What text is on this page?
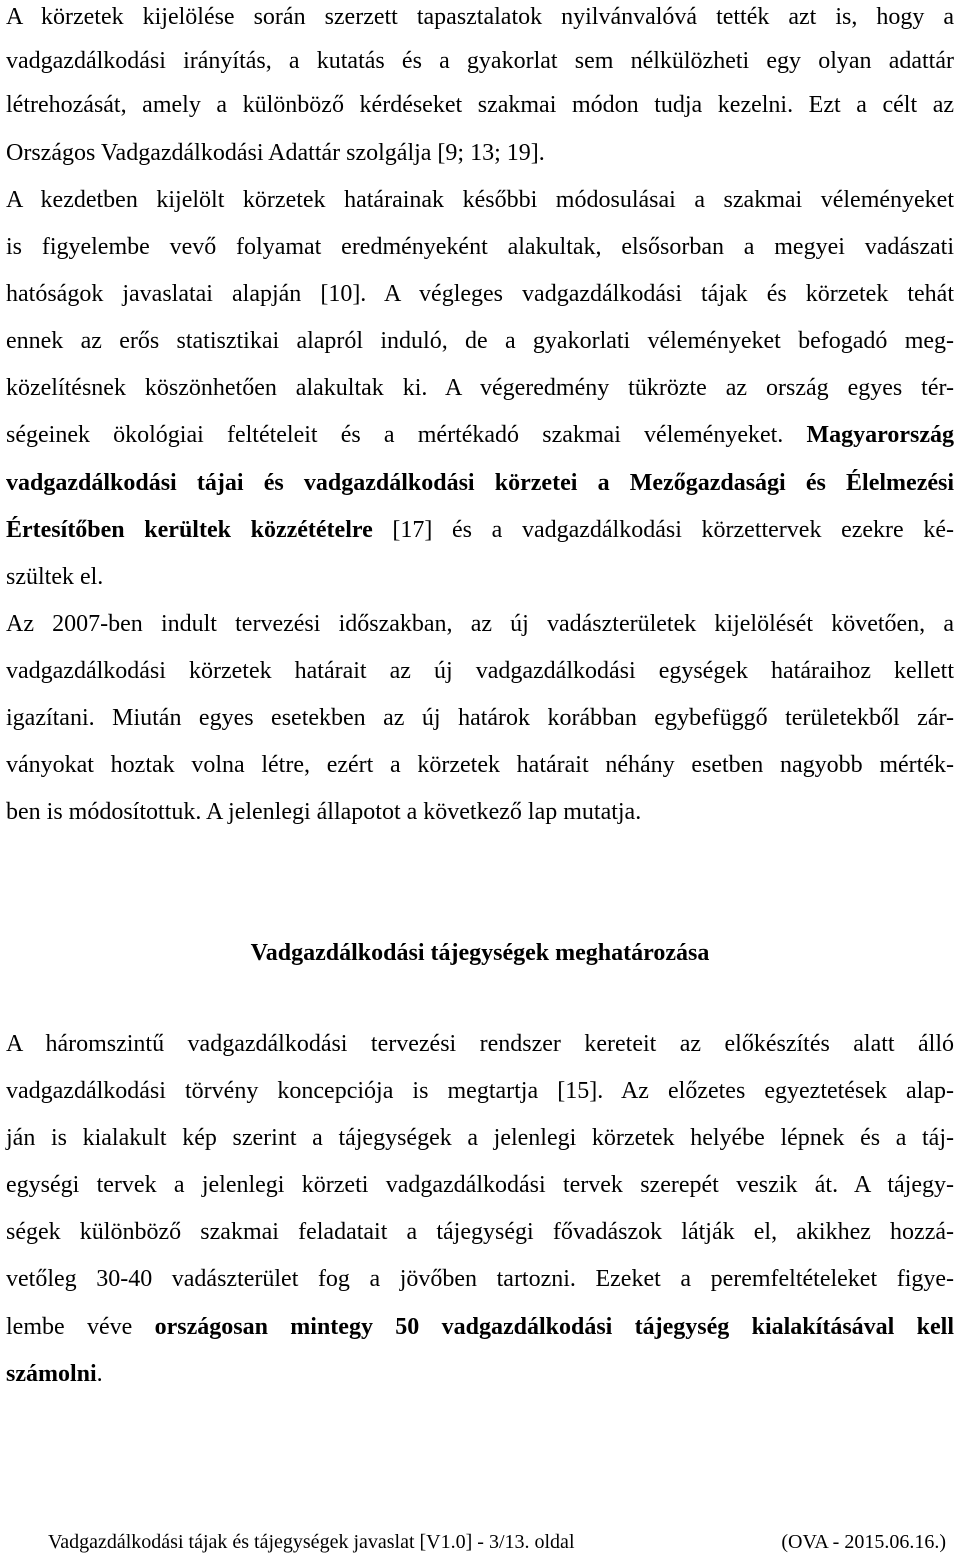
A körzetek kijelölése során szerzett tapasztalatok nyilvánvalóvá tették azt is, hogy a
vadgazdálkodási irányítás, a kutatás és a gyakorlat sem nélkülözheti egy olyan adattár
létrehozását, amely a különböző kérdéseket szakmai módon tudja kezelni. Ezt a célt az
Országos Vadgazdálkodási Adattár szolgálja [9; 13; 19].
A kezdetben kijelölt körzetek határainak későbbi módosulásai a szakmai véleményeket
is figyelembe vevő folyamat eredményeként alakultak, elsősorban a megyei vadászati
hatóságok javaslatai alapján [10]. A végleges vadgazdálkodási tájak és körzetek tehát
ennek az erős statisztikai alapról induló, de a gyakorlati véleményeket befogadó meg-
közelítésnek köszönhetően alakultak ki. A végeredmény tükrözte az ország egyes tér-
ségeinek ökológiai feltételeit és a mértékadó szakmai véleményeket. Magyarország
vadgazdálkodási tájai és vadgazdálkodási körzetei a Mezőgazdasági és Élelmezési
Értesítőben kerültek közzétételre [17] és a vadgazdálkodási körzettervek ezekre ké-
szültek el.
Az 2007-ben indult tervezési időszakban, az új vadászterületek kijelölését követően, a
vadgazdálkodási körzetek határait az új vadgazdálkodási egységek határaihoz kellett
igazítani. Miután egyes esetekben az új határok korábban egybefüggő területekből zár-
ványokat hoztak volna létre, ezért a körzetek határait néhány esetben nagyobb mérték-
ben is módosítottuk. A jelenlegi állapotot a következő lap mutatja.
Vadgazdálkodási tájegységek meghatározása
A háromszintű vadgazdálkodási tervezési rendszer kereteit az előkészítés alatt álló
vadgazdálkodási törvény koncepciója is megtartja [15]. Az előzetes egyeztetések alap-
ján is kialakult kép szerint a tájegységek a jelenlegi körzetek helyébe lépnek és a táj-
egységi tervek a jelenlegi körzeti vadgazdálkodási tervek szerepét veszik át. A tájegy-
ségek különböző szakmai feladatait a tájegységi fővadászok látják el, akikhez hozzá-
vetőleg 30-40 vadászterület fog a jövőben tartozni. Ezeket a peremfeltételeket figye-
lembe véve országosan mintegy 50 vadgazdálkodási tájegység kialakításával kell
számolni.
Vadgazdálkodási tájak és tájegységek javaslat [V1.0] - 3/13. oldal	(OVA - 2015.06.16.)
